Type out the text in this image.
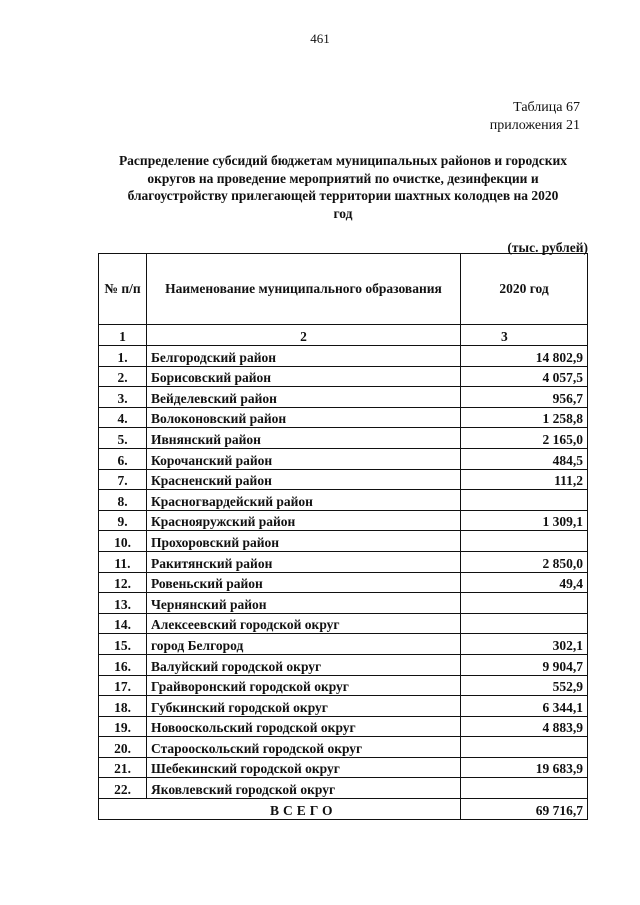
461
Таблица 67
приложения 21
Распределение субсидий бюджетам муниципальных районов и городских округов на проведение мероприятий по очистке, дезинфекции и благоустройству прилегающей территории шахтных колодцев на 2020 год
(тыс. рублей)
№ п/п	Наименование муниципального образования	2020 год
1	2	3
1.	Белгородский район	14 802,9
2.	Борисовский район	4 057,5
3.	Вейделевский район	956,7
4.	Волоконовский район	1 258,8
5.	Ивнянский район	2 165,0
6.	Корочанский район	484,5
7.	Красненский район	111,2
8.	Красногвардейский район	
9.	Краснояружский район	1 309,1
10.	Прохоровский район	
11.	Ракитянский район	2 850,0
12.	Ровеньский район	49,4
13.	Чернянский район	
14.	Алексеевский городской округ	
15.	город Белгород	302,1
16.	Валуйский городской округ	9 904,7
17.	Грайворонский городской округ	552,9
18.	Губкинский городской округ	6 344,1
19.	Новооскольский городской округ	4 883,9
20.	Старооскольский городской округ	
21.	Шебекинский городской округ	19 683,9
22.	Яковлевский городской округ	
	ВСЕГО	69 716,7
